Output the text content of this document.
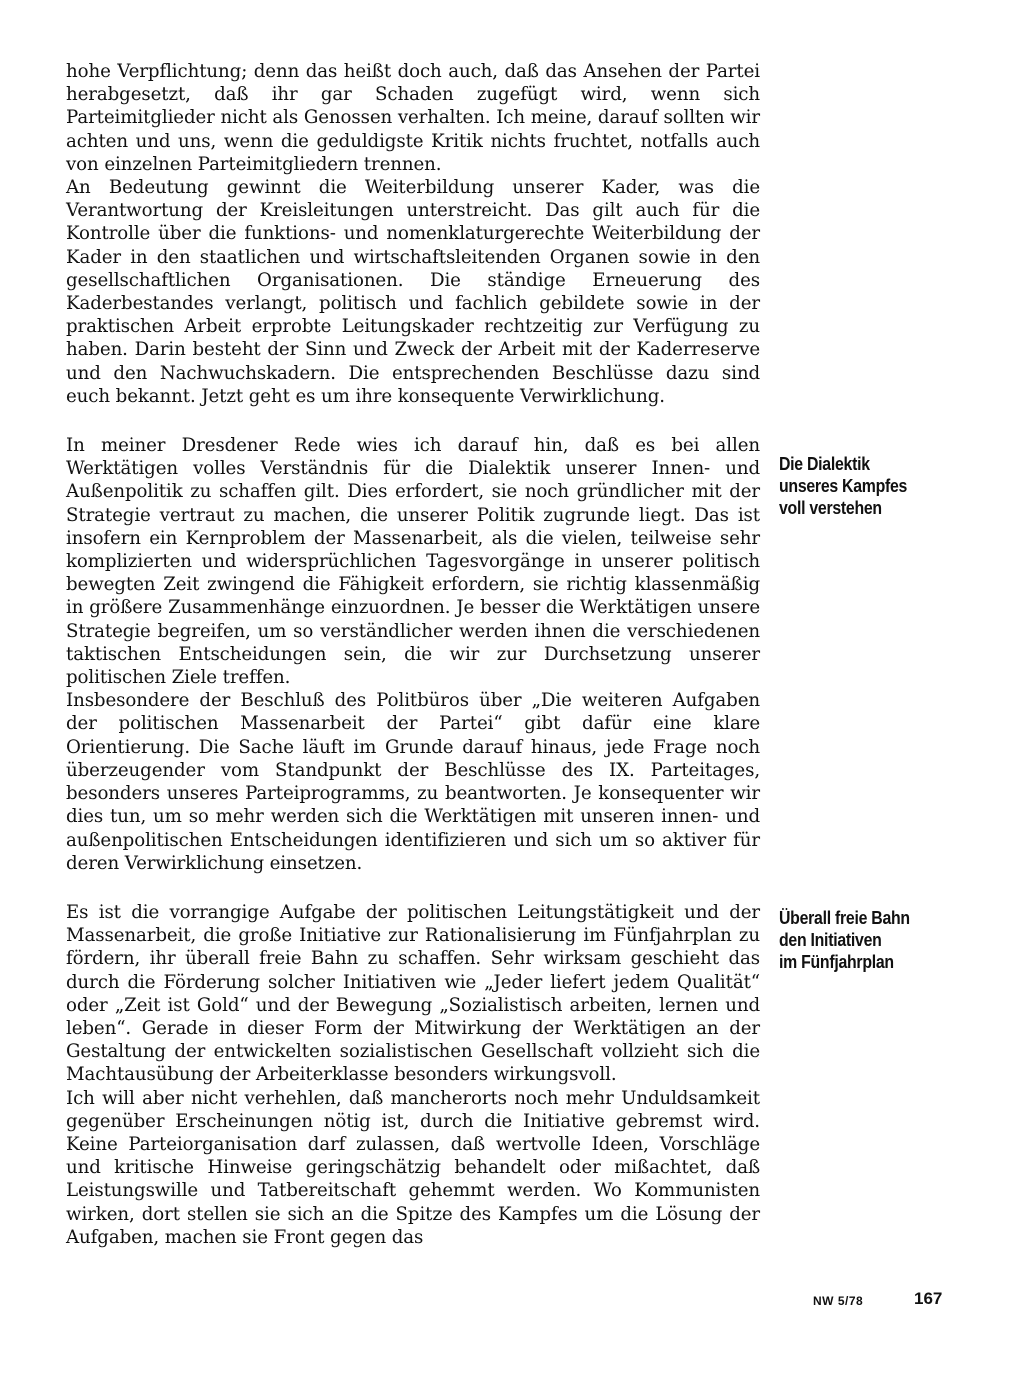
hohe Verpflichtung; denn das heißt doch auch, daß das Ansehen der Partei herabgesetzt, daß ihr gar Schaden zugefügt wird, wenn sich Parteimitglieder nicht als Genossen verhalten. Ich meine, darauf sollten wir achten und uns, wenn die geduldigste Kritik nichts fruchtet, notfalls auch von einzelnen Parteimitgliedern trennen.

An Bedeutung gewinnt die Weiterbildung unserer Kader, was die Verantwortung der Kreisleitungen unterstreicht. Das gilt auch für die Kontrolle über die funktions- und nomenklaturgerechte Weiterbildung der Kader in den staatlichen und wirtschaftsleitenden Organen sowie in den gesellschaftlichen Organisationen. Die ständige Erneuerung des Kaderbestandes verlangt, politisch und fachlich gebildete sowie in der praktischen Arbeit erprobte Leitungskader rechtzeitig zur Verfügung zu haben. Darin besteht der Sinn und Zweck der Arbeit mit der Kaderreserve und den Nachwuchskadern. Die entsprechenden Beschlüsse dazu sind euch bekannt. Jetzt geht es um ihre konsequente Verwirklichung.

In meiner Dresdener Rede wies ich darauf hin, daß es bei allen Werktätigen volles Verständnis für die Dialektik unserer Innen- und Außenpolitik zu schaffen gilt. Dies erfordert, sie noch gründlicher mit der Strategie vertraut zu machen, die unserer Politik zugrunde liegt. Das ist insofern ein Kernproblem der Massenarbeit, als die vielen, teilweise sehr komplizierten und widersprüchlichen Tagesvorgänge in unserer politisch bewegten Zeit zwingend die Fähigkeit erfordern, sie richtig klassenmäßig in größere Zusammenhänge einzuordnen. Je besser die Werktätigen unsere Strategie begreifen, um so verständlicher werden ihnen die verschiedenen taktischen Entscheidungen sein, die wir zur Durchsetzung unserer politischen Ziele treffen.

Insbesondere der Beschluß des Politbüros über „Die weiteren Aufgaben der politischen Massenarbeit der Partei“ gibt dafür eine klare Orientierung. Die Sache läuft im Grunde darauf hinaus, jede Frage noch überzeugender vom Standpunkt der Beschlüsse des IX. Parteitages, besonders unseres Parteiprogramms, zu beantworten. Je konsequenter wir dies tun, um so mehr werden sich die Werktätigen mit unseren innen- und außenpolitischen Entscheidungen identifizieren und sich um so aktiver für deren Verwirklichung einsetzen.

Es ist die vorrangige Aufgabe der politischen Leitungstätigkeit und der Massenarbeit, die große Initiative zur Rationalisierung im Fünfjahrplan zu fördern, ihr überall freie Bahn zu schaffen. Sehr wirksam geschieht das durch die Förderung solcher Initiativen wie „Jeder liefert jedem Qualität“ oder „Zeit ist Gold“ und der Bewegung „Sozialistisch arbeiten, lernen und leben“. Gerade in dieser Form der Mitwirkung der Werktätigen an der Gestaltung der entwickelten sozialistischen Gesellschaft vollzieht sich die Machtausübung der Arbeiterklasse besonders wirkungsvoll.

Ich will aber nicht verhehlen, daß mancherorts noch mehr Unduldsamkeit gegenüber Erscheinungen nötig ist, durch die Initiative gebremst wird. Keine Parteiorganisation darf zulassen, daß wertvolle Ideen, Vorschläge und kritische Hinweise geringschätzig behandelt oder mißachtet, daß Leistungswille und Tatbereitschaft gehemmt werden. Wo Kommunisten wirken, dort stellen sie sich an die Spitze des Kampfes um die Lösung der Aufgaben, machen sie Front gegen das

Die Dialektik
unseres Kampfes
voll verstehen
Überall freie Bahn
den Initiativen
im Fünfjahrplan
NW 5/78	167
